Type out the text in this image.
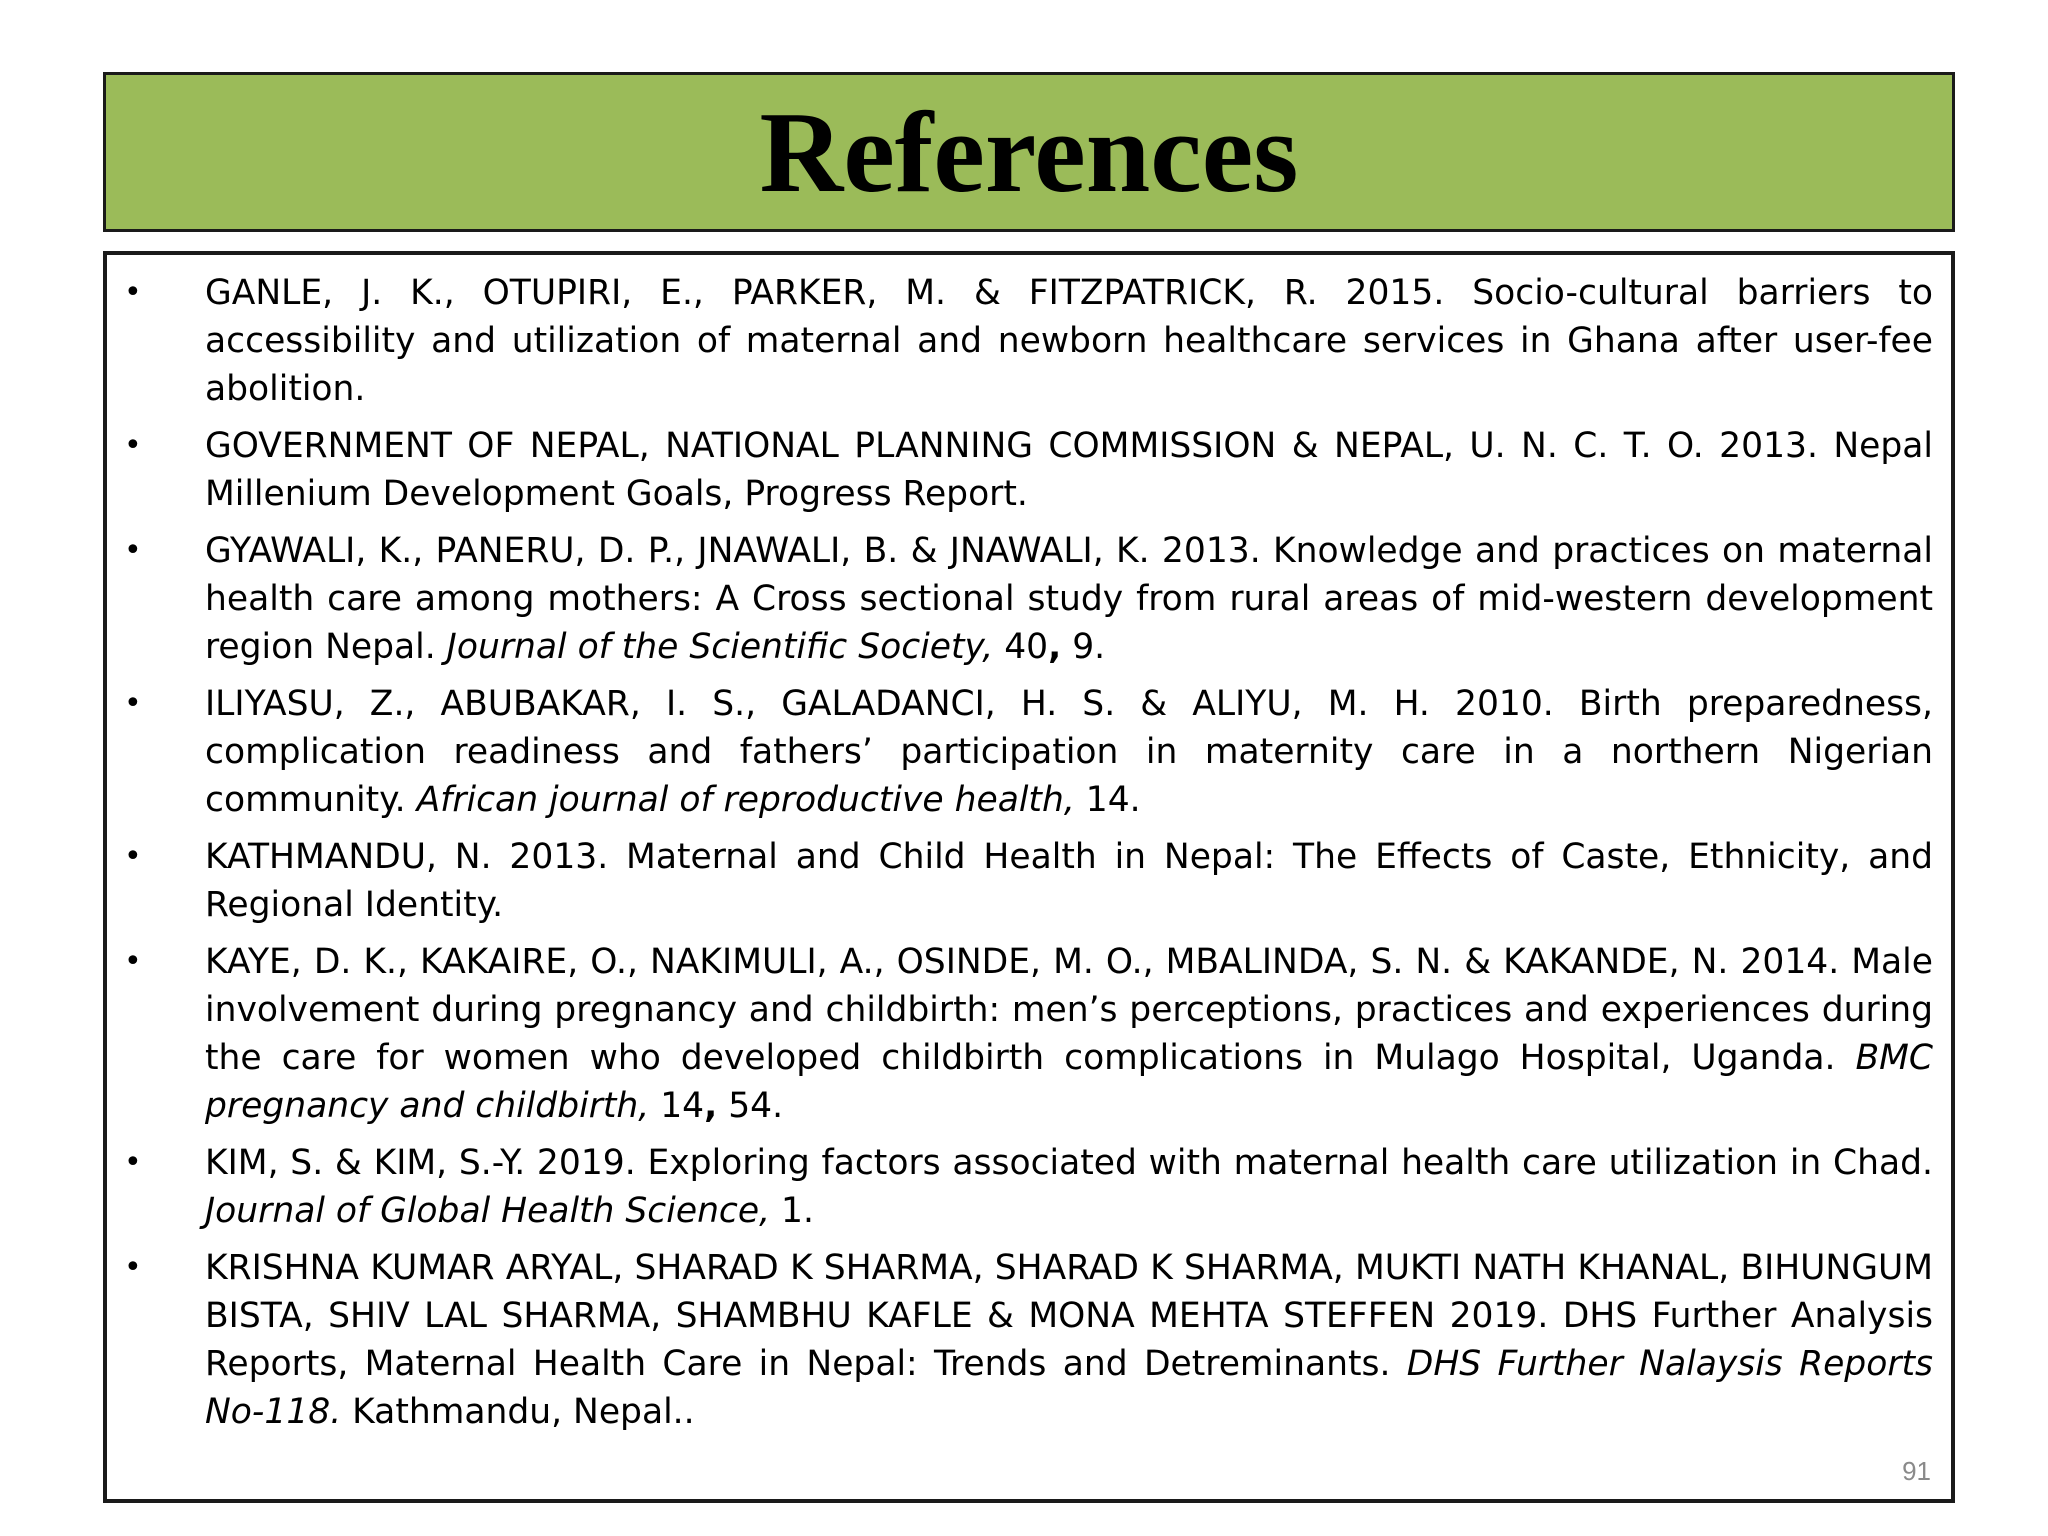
References
• GANLE, J. K., OTUPIRI, E., PARKER, M. & FITZPATRICK, R. 2015. Socio-cultural barriers to accessibility and utilization of maternal and newborn healthcare services in Ghana after user-fee abolition.
• GOVERNMENT OF NEPAL, NATIONAL PLANNING COMMISSION & NEPAL, U. N. C. T. O. 2013. Nepal Millenium Development Goals, Progress Report.
• GYAWALI, K., PANERU, D. P., JNAWALI, B. & JNAWALI, K. 2013. Knowledge and practices on maternal health care among mothers: A Cross sectional study from rural areas of mid-western development region Nepal. Journal of the Scientific Society, 40, 9.
• ILIYASU, Z., ABUBAKAR, I. S., GALADANCI, H. S. & ALIYU, M. H. 2010. Birth preparedness, complication readiness and fathers’ participation in maternity care in a northern Nigerian community. African journal of reproductive health, 14.
• KATHMANDU, N. 2013. Maternal and Child Health in Nepal: The Effects of Caste, Ethnicity, and Regional Identity.
• KAYE, D. K., KAKAIRE, O., NAKIMULI, A., OSINDE, M. O., MBALINDA, S. N. & KAKANDE, N. 2014. Male involvement during pregnancy and childbirth: men’s perceptions, practices and experiences during the care for women who developed childbirth complications in Mulago Hospital, Uganda. BMC pregnancy and childbirth, 14, 54.
• KIM, S. & KIM, S.-Y. 2019. Exploring factors associated with maternal health care utilization in Chad. Journal of Global Health Science, 1.
• KRISHNA KUMAR ARYAL, SHARAD K SHARMA, SHARAD K SHARMA, MUKTI NATH KHANAL, BIHUNGUM BISTA, SHIV LAL SHARMA, SHAMBHU KAFLE & MONA MEHTA STEFFEN 2019. DHS Further Analysis Reports, Maternal Health Care in Nepal: Trends and Detreminants. DHS Further Nalaysis Reports No-118. Kathmandu, Nepal..
91
